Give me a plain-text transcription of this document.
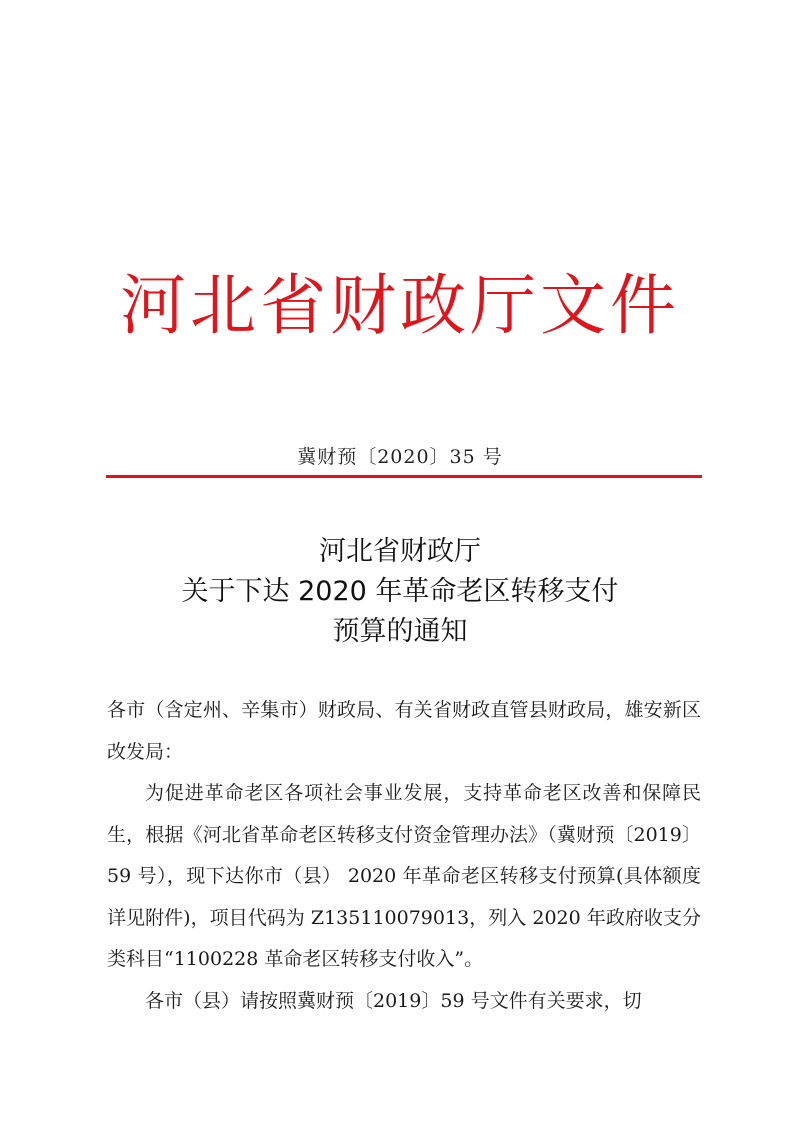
河北省财政厅文件
冀财预〔2020〕35 号
河北省财政厅
关于下达 2020 年革命老区转移支付
预算的通知

各市（含定州、辛集市）财政局、有关省财政直管县财政局，雄安新区改发局：

为促进革命老区各项社会事业发展，支持革命老区改善和保障民生，根据《河北省革命老区转移支付资金管理办法》（冀财预〔2019〕59 号），现下达你市（县） 2020 年革命老区转移支付预算(具体额度详见附件)，项目代码为 Z135110079013，列入 2020 年政府收支分类科目“1100228 革命老区转移支付收入”。

各市（县）请按照冀财预〔2019〕59 号文件有关要求，切
